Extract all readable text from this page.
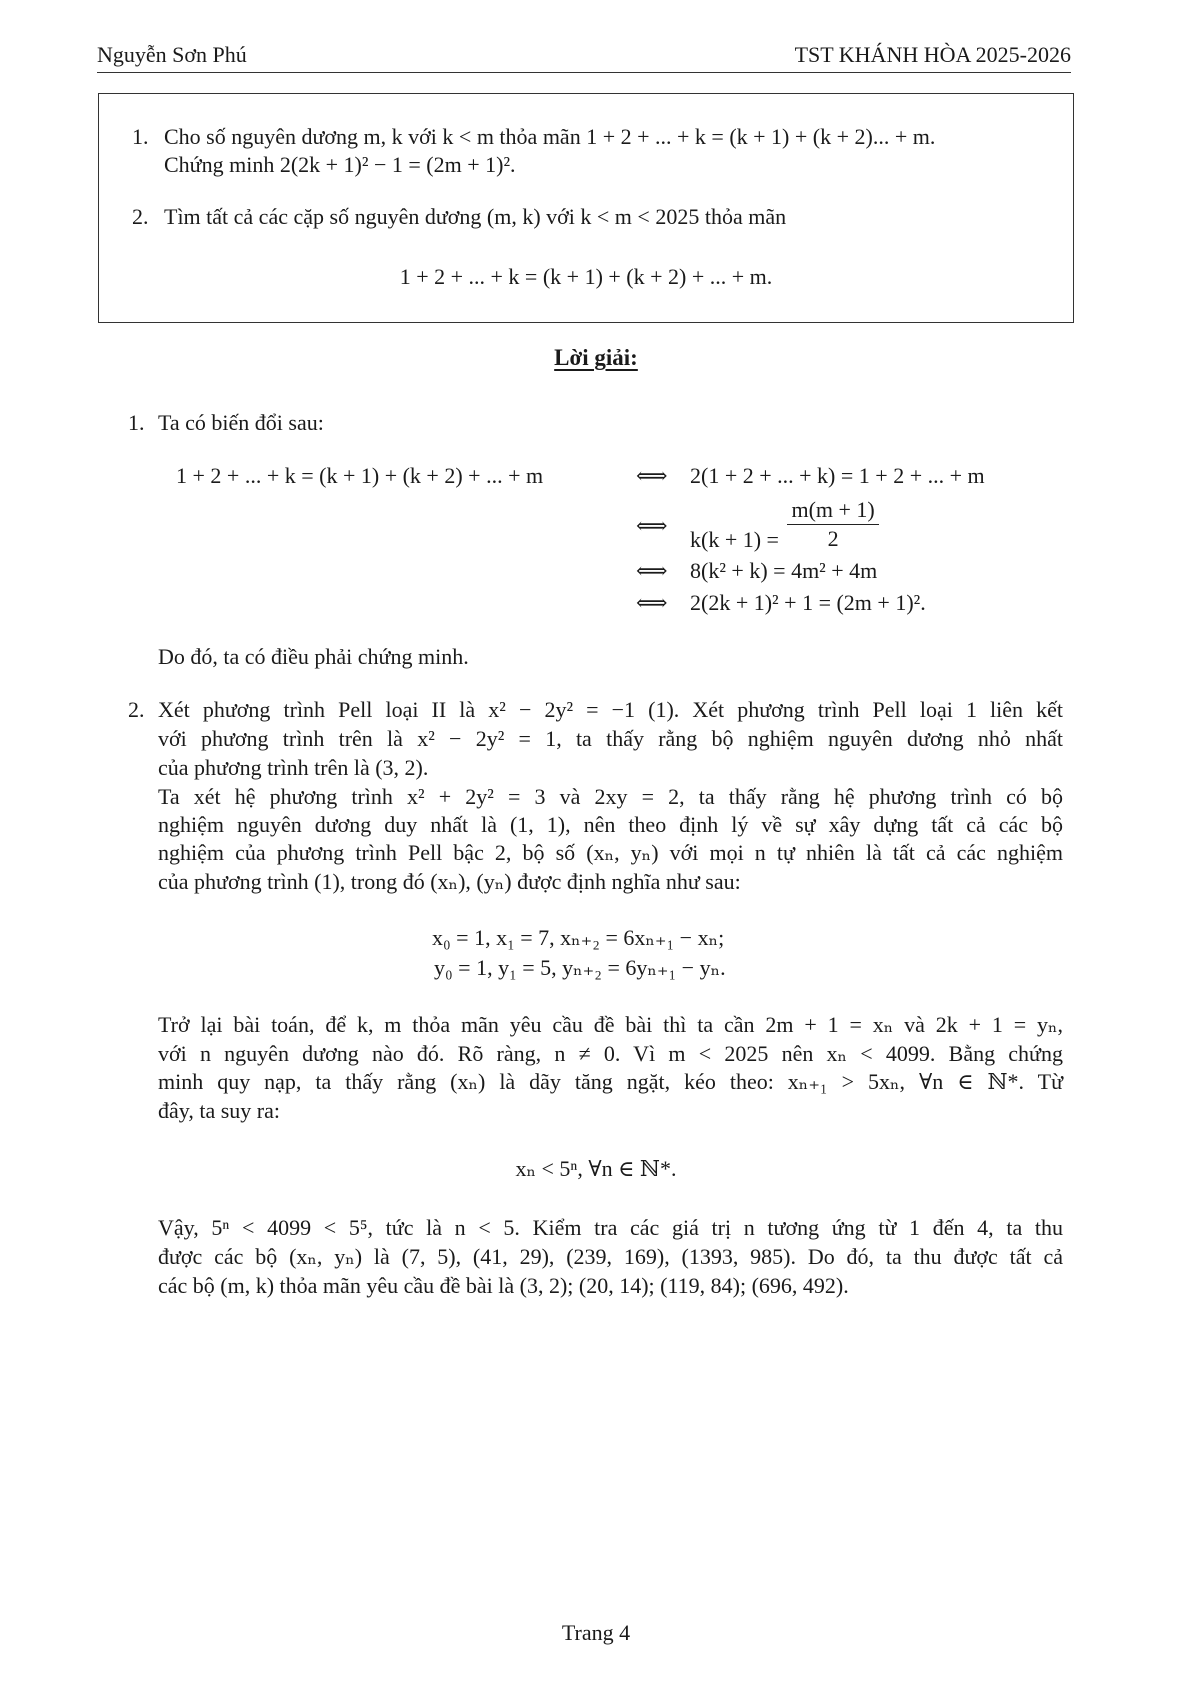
Nguyễn Sơn Phú	TST KHÁNH HÒA 2025-2026
1. Cho số nguyên dương m, k với k < m thỏa mãn 1 + 2 + ... + k = (k + 1) + (k + 2)... + m.
Chứng minh 2(2k + 1)² − 1 = (2m + 1)².
2. Tìm tất cả các cặp số nguyên dương (m, k) với k < m < 2025 thỏa mãn
1 + 2 + ... + k = (k + 1) + (k + 2) + ... + m.
Lời giải:
1. Ta có biến đổi sau:
1 + 2 + ... + k = (k + 1) + (k + 2) + ... + m	⟺ 2(1 + 2 + ... + k) = 1 + 2 + ... + m
⟺
$k(k + 1) = \frac{m(m + 1)}{2}$
⟺ 8(k² + k) = 4m² + 4m
⟺ 2(2k + 1)² + 1 = (2m + 1)².
Do đó, ta có điều phải chứng minh.
2. Xét phương trình Pell loại II là x² − 2y² = −1 (1). Xét phương trình Pell loại 1 liên kết
với phương trình trên là x² − 2y² = 1, ta thấy rằng bộ nghiệm nguyên dương nhỏ nhất
của phương trình trên là (3, 2).
Ta xét hệ phương trình x² + 2y² = 3 và 2xy = 2, ta thấy rằng hệ phương trình có bộ
nghiệm nguyên dương duy nhất là (1, 1), nên theo định lý về sự xây dựng tất cả các bộ
nghiệm của phương trình Pell bậc 2, bộ số (xₙ, yₙ) với mọi n tự nhiên là tất cả các nghiệm
của phương trình (1), trong đó (xₙ), (yₙ) được định nghĩa như sau:
x₀ = 1, x₁ = 7, xₙ₊₂ = 6xₙ₊₁ − xₙ;
y₀ = 1, y₁ = 5, yₙ₊₂ = 6yₙ₊₁ − yₙ.
Trở lại bài toán, để k, m thỏa mãn yêu cầu đề bài thì ta cần 2m + 1 = xₙ và 2k + 1 = yₙ,
với n nguyên dương nào đó. Rõ ràng, n ≠ 0. Vì m < 2025 nên xₙ < 4099. Bằng chứng
minh quy nạp, ta thấy rằng (xₙ) là dãy tăng ngặt, kéo theo: xₙ₊₁ > 5xₙ, ∀n ∈ ℕ*. Từ
đây, ta suy ra:
xₙ < 5ⁿ, ∀n ∈ ℕ*.
Vậy, 5ⁿ < 4099 < 5⁵, tức là n < 5. Kiểm tra các giá trị n tương ứng từ 1 đến 4, ta thu
được các bộ (xₙ, yₙ) là (7, 5), (41, 29), (239, 169), (1393, 985). Do đó, ta thu được tất cả
các bộ (m, k) thỏa mãn yêu cầu đề bài là (3, 2); (20, 14); (119, 84); (696, 492).
Trang 4
